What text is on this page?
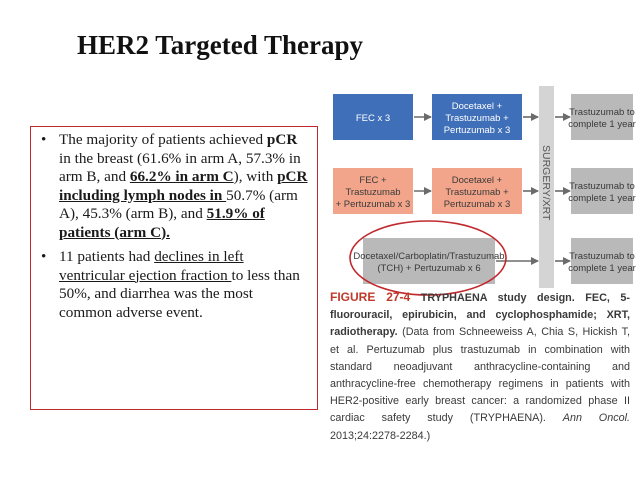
HER2 Targeted Therapy
• The majority of patients achieved pCR in the breast (61.6% in arm A, 57.3% in arm B, and 66.2% in arm C), with pCR including lymph nodes in 50.7% (arm A), 45.3% (arm B), and 51.9% of patients (arm C).
• 11 patients had declines in left ventricular ejection fraction to less than 50%, and diarrhea was the most common adverse event.
FEC x 3
Docetaxel +
Trastuzumab +
Pertuzumab x 3
FEC +
Trastuzumab
+ Pertuzumab x 3
Docetaxel +
Trastuzumab +
Pertuzumab x 3
Docetaxel/Carboplatin/Trastuzumab
(TCH) + Pertuzumab x 6
SURGERY/XRT
Trastuzumab to
complete 1 year
Trastuzumab to
complete 1 year
Trastuzumab to
complete 1 year
FIGURE 27-4 TRYPHAENA study design. FEC, 5-fluorouracil, epirubicin, and cyclophosphamide; XRT, radiotherapy. (Data from Schneeweiss A, Chia S, Hickish T, et al. Pertuzumab plus trastuzumab in combination with standard neoadjuvant anthracycline-containing and anthracycline-free chemotherapy regimens in patients with HER2-positive early breast cancer: a randomized phase II cardiac safety study (TRYPHAENA). Ann Oncol. 2013;24:2278-2284.)
